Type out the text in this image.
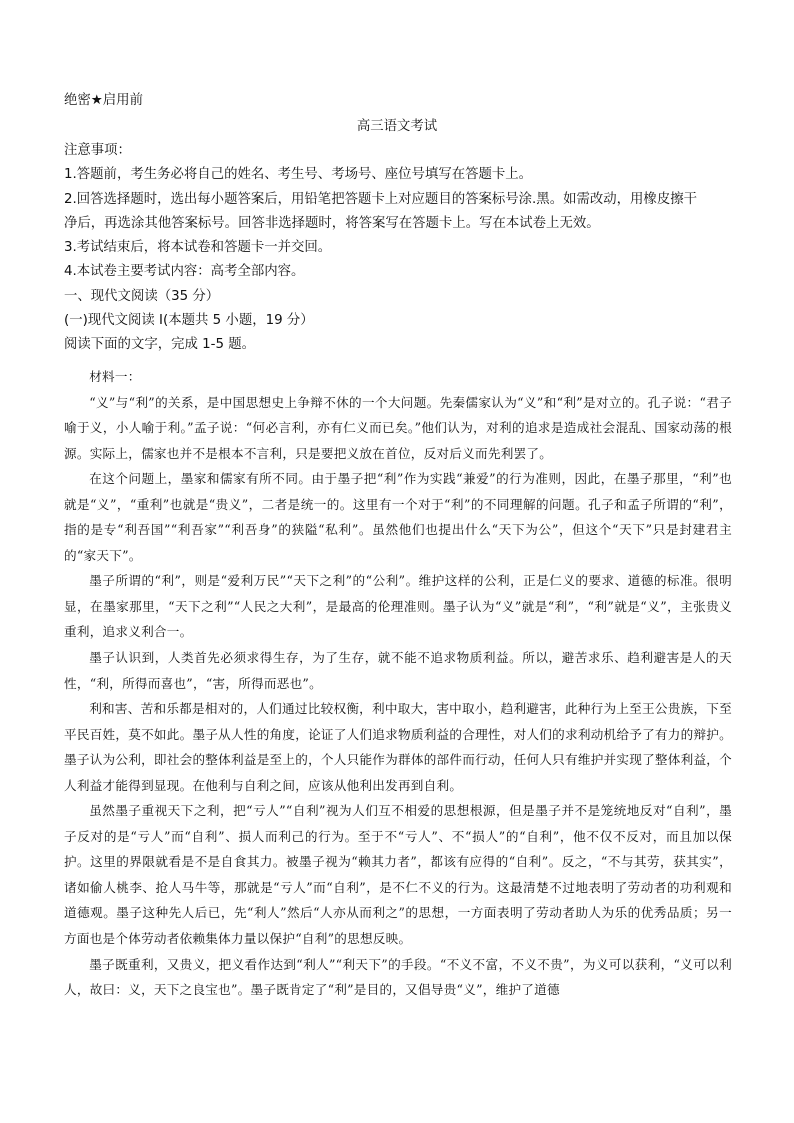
绝密★启用前
高三语文考试
注意事项：
1.答题前，考生务必将自己的姓名、考生号、考场号、座位号填写在答题卡上。
2.回答选择题时，选出每小题答案后，用铅笔把答题卡上对应题目的答案标号涂.黑。如需改动，用橡皮擦干
净后，再选涂其他答案标号。回答非选择题时，将答案写在答题卡上。写在本试卷上无效。
3.考试结束后，将本试卷和答题卡一并交回。
4.本试卷主要考试内容：高考全部内容。
一、现代文阅读（35 分）
(一)现代文阅读 I(本题共 5 小题，19 分）
阅读下面的文字，完成 1-5 题。

材料一：

“义”与“利”的关系，是中国思想史上争辩不休的一个大问题。先秦儒家认为“义”和“利”是对立的。孔子说：“君子喻于义，小人喻于利。”孟子说：“何必言利，亦有仁义而已矣。”他们认为，对利的追求是造成社会混乱、国家动荡的根源。实际上，儒家也并不是根本不言利，只是要把义放在首位，反对后义而先利罢了。

在这个问题上，墨家和儒家有所不同。由于墨子把“利”作为实践“兼爱”的行为准则，因此，在墨子那里，“利”也就是“义”，“重利”也就是“贵义”，二者是统一的。这里有一个对于“利”的不同理解的问题。孔子和孟子所谓的“利”，指的是专“利吾国”“利吾家”“利吾身”的狭隘“私利”。虽然他们也提出什么“天下为公”，但这个“天下”只是封建君主的“家天下”。

墨子所谓的“利”，则是“爱利万民”“天下之利”的“公利”。维护这样的公利，正是仁义的要求、道德的标准。很明显，在墨家那里，“天下之利”“人民之大利”，是最高的伦理准则。墨子认为“义”就是“利”，“利”就是“义”，主张贵义重利，追求义利合一。

墨子认识到，人类首先必须求得生存，为了生存，就不能不追求物质利益。所以，避苦求乐、趋利避害是人的天性，“利，所得而喜也”，“害，所得而恶也”。

利和害、苦和乐都是相对的，人们通过比较权衡，利中取大，害中取小，趋利避害，此种行为上至王公贵族，下至平民百姓，莫不如此。墨子从人性的角度，论证了人们追求物质利益的合理性，对人们的求利动机给予了有力的辩护。墨子认为公利，即社会的整体利益是至上的，个人只能作为群体的部件而行动，任何人只有维护并实现了整体利益，个人利益才能得到显现。在他利与自利之间，应该从他利出发再到自利。

虽然墨子重视天下之利，把“亏人”“自利”视为人们互不相爱的思想根源，但是墨子并不是笼统地反对“自利”，墨子反对的是“亏人”而“自利”、损人而利己的行为。至于不“亏人”、不“损人”的“自利”，他不仅不反对，而且加以保护。这里的界限就看是不是自食其力。被墨子视为“赖其力者”，都该有应得的“自利”。反之，“不与其劳，获其实”，诸如偷人桃李、抢人马牛等，那就是“亏人”而“自利”，是不仁不义的行为。这最清楚不过地表明了劳动者的功利观和道德观。墨子这种先人后已，先“利人”然后“人亦从而利之”的思想，一方面表明了劳动者助人为乐的优秀品质；另一方面也是个体劳动者依赖集体力量以保护“自利”的思想反映。

墨子既重利，又贵义，把义看作达到“利人”“利天下”的手段。“不义不富，不义不贵”，为义可以获利，“义可以利人，故曰：义，天下之良宝也”。墨子既肯定了“利”是目的，又倡导贵“义”，维护了道德
